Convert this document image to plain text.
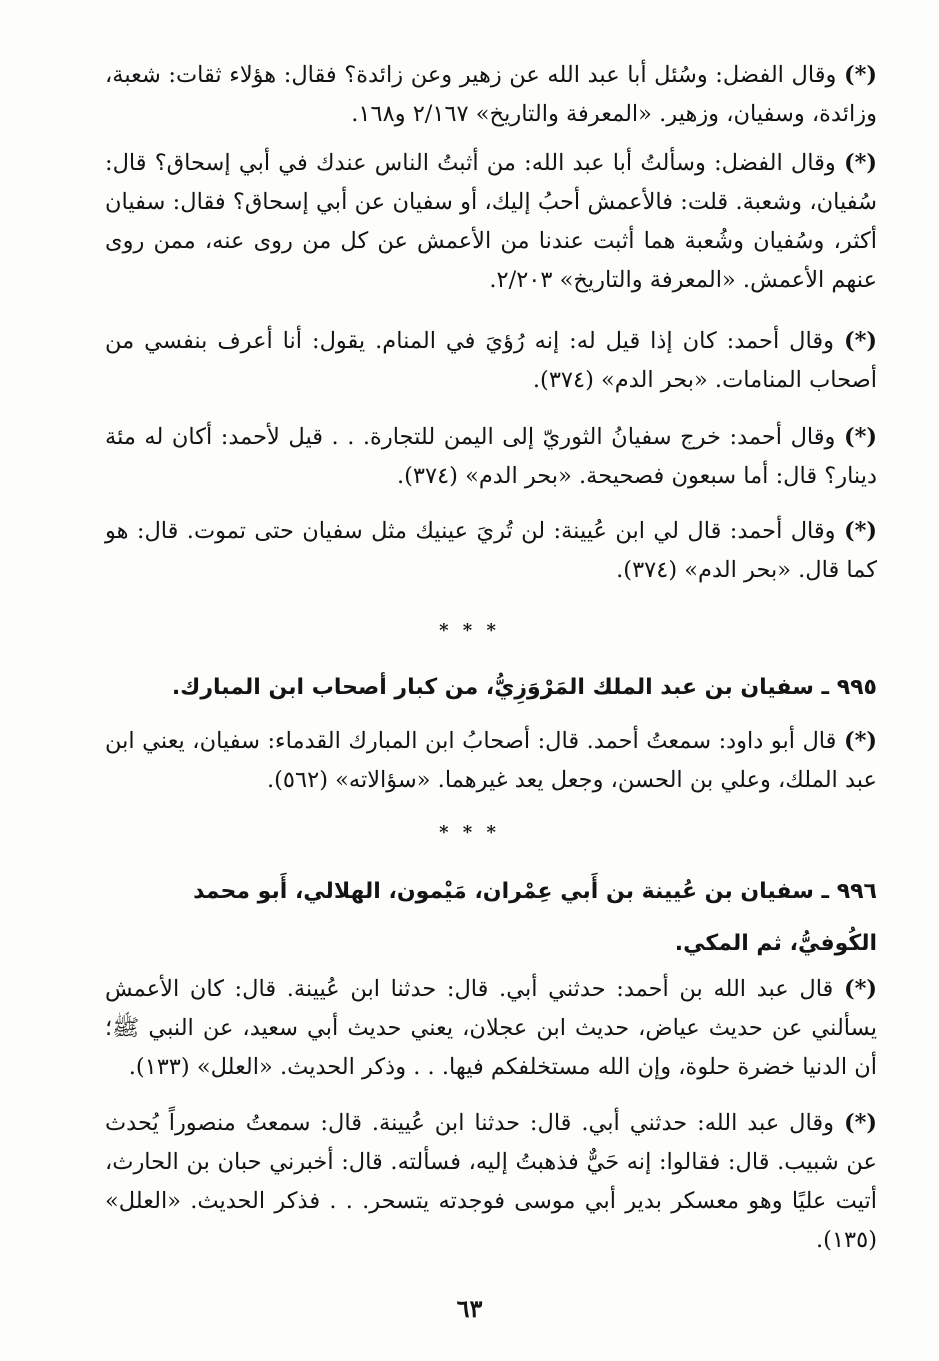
(*) وقال الفضل: وسُئل أبا عبد الله عن زهير وعن زائدة؟ فقال: هؤلاء ثقات: شعبة، وزائدة، وسفيان، وزهير. «المعرفة والتاريخ» ٢/١٦٧ و١٦٨.

(*) وقال الفضل: وسألتُ أبا عبد الله: من أثبتُ الناس عندك في أبي إسحاق؟ قال: سُفيان، وشعبة. قلت: فالأعمش أحبُ إليك، أو سفيان عن أبي إسحاق؟ فقال: سفيان أكثر، وسُفيان وشُعبة هما أثبت عندنا من الأعمش عن كل من روى عنه، ممن روى عنهم الأعمش. «المعرفة والتاريخ» ٢/٢٠٣.

(*) وقال أحمد: كان إذا قيل له: إنه رُؤيَ في المنام. يقول: أنا أعرف بنفسي من أصحاب المنامات. «بحر الدم» (٣٧٤).

(*) وقال أحمد: خرج سفيانُ الثوريّ إلى اليمن للتجارة. . . قيل لأحمد: أكان له مئة دينار؟ قال: أما سبعون فصحيحة. «بحر الدم» (٣٧٤).

(*) وقال أحمد: قال لي ابن عُيينة: لن تُريَ عينيك مثل سفيان حتى تموت. قال: هو كما قال. «بحر الدم» (٣٧٤).

* * *
٩٩٥ ـ سفيان بن عبد الملك المَرْوَزِيُّ، من كبار أصحاب ابن المبارك.

(*) قال أبو داود: سمعتُ أحمد. قال: أصحابُ ابن المبارك القدماء: سفيان، يعني ابن عبد الملك، وعلي بن الحسن، وجعل يعد غيرهما. «سؤالاته» (٥٦٢).

* * *
٩٩٦ ـ سفيان بن عُيينة بن أَبي عِمْران، مَيْمون، الهلالي، أَبو محمد الكُوفيُّ، ثم المكي.

(*) قال عبد الله بن أحمد: حدثني أبي. قال: حدثنا ابن عُيينة. قال: كان الأعمش يسألني عن حديث عياض، حديث ابن عجلان، يعني حديث أبي سعيد، عن النبي ﷺ؛ أن الدنيا خضرة حلوة، وإن الله مستخلفكم فيها. . . وذكر الحديث. «العلل» (١٣٣).

(*) وقال عبد الله: حدثني أبي. قال: حدثنا ابن عُيينة. قال: سمعتُ منصوراً يُحدث عن شبيب. قال: فقالوا: إنه حَيٌّ فذهبتُ إليه، فسألته. قال: أخبرني حبان بن الحارث، أتيت عليًا وهو معسكر بدير أبي موسى فوجدته يتسحر. . . فذكر الحديث. «العلل» (١٣٥).

٦٣
